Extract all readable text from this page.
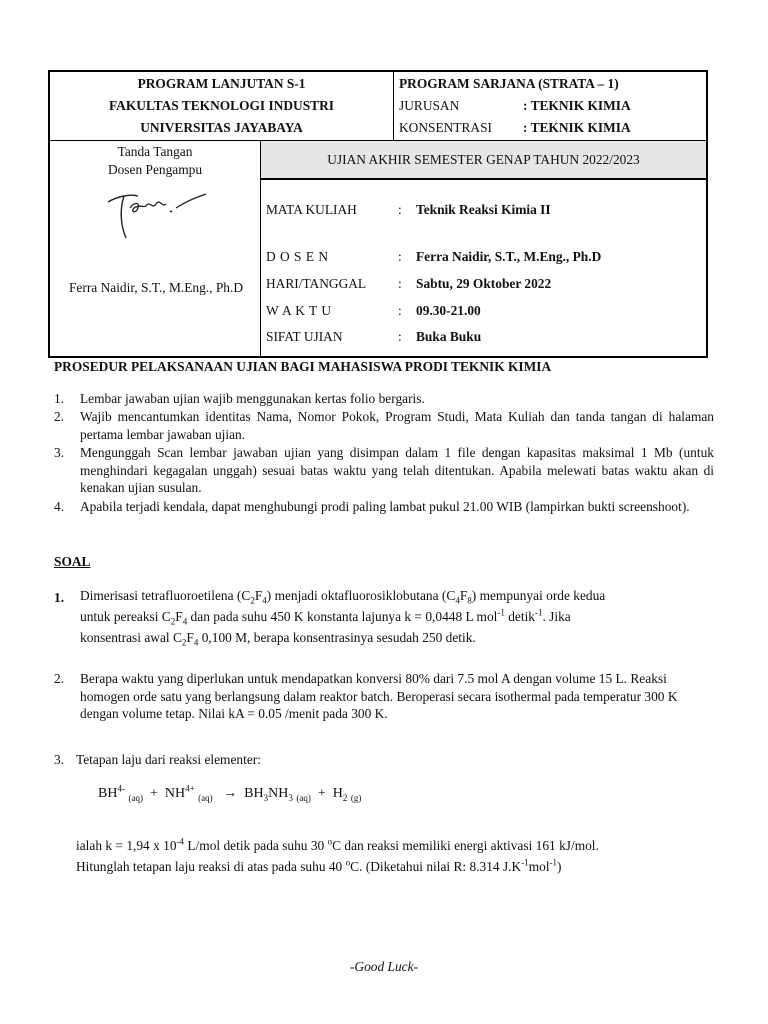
PROGRAM LANJUTAN S-1
FAKULTAS TEKNOLOGI INDUSTRI
UNIVERSITAS JAYABAYA
PROGRAM SARJANA (STRATA – 1)
JURUSAN	: TEKNIK KIMIA
KONSENTRASI : TEKNIK KIMIA
Tanda Tangan
Dosen Pengampu
Ferra Naidir, S.T., M.Eng., Ph.D
UJIAN AKHIR SEMESTER GENAP TAHUN 2022/2023
MATA KULIAH	: Teknik Reaksi Kimia II
D O S E N	: Ferra Naidir, S.T., M.Eng., Ph.D
HARI/TANGGAL : Sabtu, 29 Oktober 2022
W A K T U	: 09.30-21.00
SIFAT UJIAN	: Buka Buku
PROSEDUR PELAKSANAAN UJIAN BAGI MAHASISWA PRODI TEKNIK KIMIA
1. Lembar jawaban ujian wajib menggunakan kertas folio bergaris.
2. Wajib mencantumkan identitas Nama, Nomor Pokok, Program Studi, Mata Kuliah dan tanda tangan di halaman pertama lembar jawaban ujian.
3. Mengunggah Scan lembar jawaban ujian yang disimpan dalam 1 file dengan kapasitas maksimal 1 Mb (untuk menghindari kegagalan unggah) sesuai batas waktu yang telah ditentukan. Apabila melewati batas waktu akan di kenakan ujian susulan.
4. Apabila terjadi kendala, dapat menghubungi prodi paling lambat pukul 21.00 WIB (lampirkan bukti screenshoot).
SOAL
1. Dimerisasi tetrafluoroetilena $(C_2F_4)$ menjadi oktafluorosiklobutana $(C_4F_8)$ mempunyai orde kedua
untuk pereaksi $C_2F_4$ dan pada suhu 450 K konstanta lajunya k = 0,0448 L mol$^{-1}$ detik$^{-1}$. Jika
konsentrasi awal $C_2F_4$ 0,100 M, berapa konsentrasinya sesudah 250 detik.
2. Berapa waktu yang diperlukan untuk mendapatkan konversi 80% dari 7.5 mol A dengan volume 15 L. Reaksi homogen orde satu yang berlangsung dalam reaktor batch. Beroperasi secara isothermal pada temperatur 300 K dengan volume tetap. Nilai kA = 0.05 /menit pada 300 K.
3. Tetapan laju dari reaksi elementer:
$BH^{4-}$ $_{(aq)} + NH^{4+}$ $_{(aq)} \to BH_3NH_3$ $_{(aq)} + H_2$ $_{(g)}$
ialah k = 1,94 x $10^{-4}$ L/mol detik pada suhu 30 $^o$C dan reaksi memiliki energi aktivasi 161 kJ/mol.
Hitunglah tetapan laju reaksi di atas pada suhu 40 $^o$C. (Diketahui nilai R: 8.314 $J.K^{-1}mol^{-1}$)
-Good Luck-
